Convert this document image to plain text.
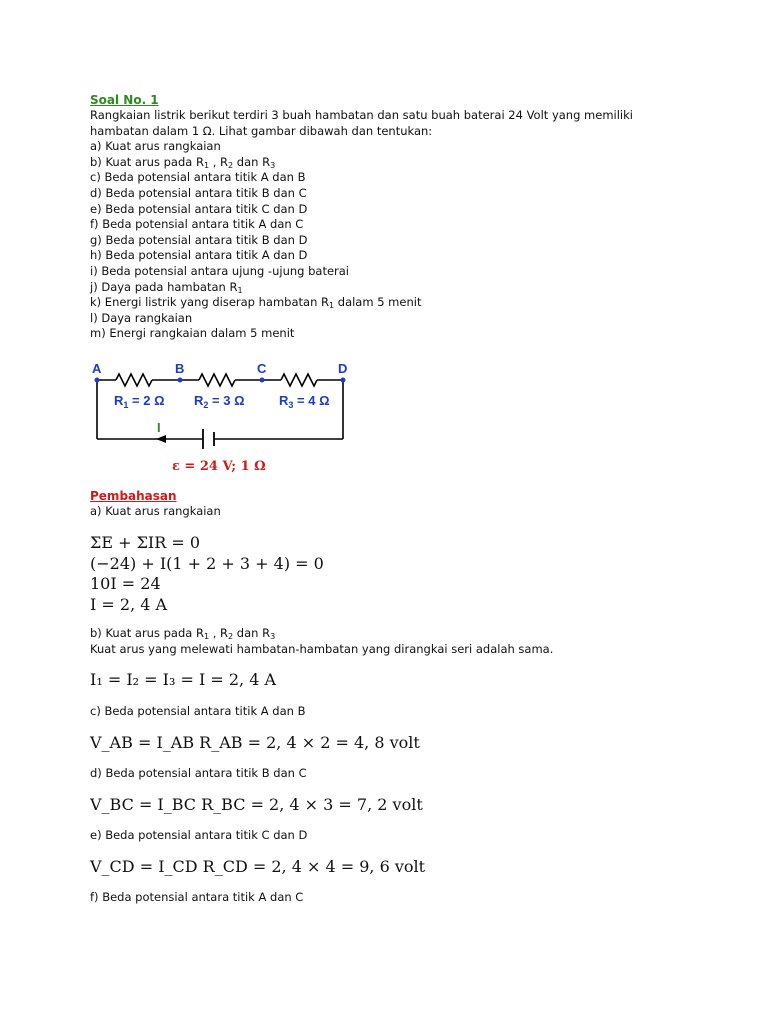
Soal No. 1
Rangkaian listrik berikut terdiri 3 buah hambatan dan satu buah baterai 24 Volt yang memiliki
hambatan dalam 1 Ω. Lihat gambar dibawah dan tentukan:
a) Kuat arus rangkaian
b) Kuat arus pada $R_1$ , $R_2$ dan $R_3$
c) Beda potensial antara titik A dan B
d) Beda potensial antara titik B dan C
e) Beda potensial antara titik C dan D
f) Beda potensial antara titik A dan C
g) Beda potensial antara titik B dan D
h) Beda potensial antara titik A dan D
i) Beda potensial antara ujung -ujung baterai
j) Daya pada hambatan $R_1$
k) Energi listrik yang diserap hambatan $R_1$ dalam 5 menit
l) Daya rangkaian
m) Energi rangkaian dalam 5 menit
A	B	C	D
$R_1 = 2$ Ω $R_2 = 3$ Ω	$R_3 = 4$ Ω
I
ε = 24 V; 1 Ω
Pembahasan
a) Kuat arus rangkaian
ΣE + ΣIR = 0
(−24) + I(1 + 2 + 3 + 4) = 0
10I = 24
I = 2, 4 A
b) Kuat arus pada $R_1$ , $R_2$ dan $R_3$
Kuat arus yang melewati hambatan-hambatan yang dirangkai seri adalah sama.
I₁ = I₂ = I₃ = I = 2, 4 A
c) Beda potensial antara titik A dan B
V_AB = I_AB R_AB = 2, 4 × 2 = 4, 8 volt
d) Beda potensial antara titik B dan C
V_BC = I_BC R_BC = 2, 4 × 3 = 7, 2 volt
e) Beda potensial antara titik C dan D
V_CD = I_CD R_CD = 2, 4 × 4 = 9, 6 volt
f) Beda potensial antara titik A dan C
